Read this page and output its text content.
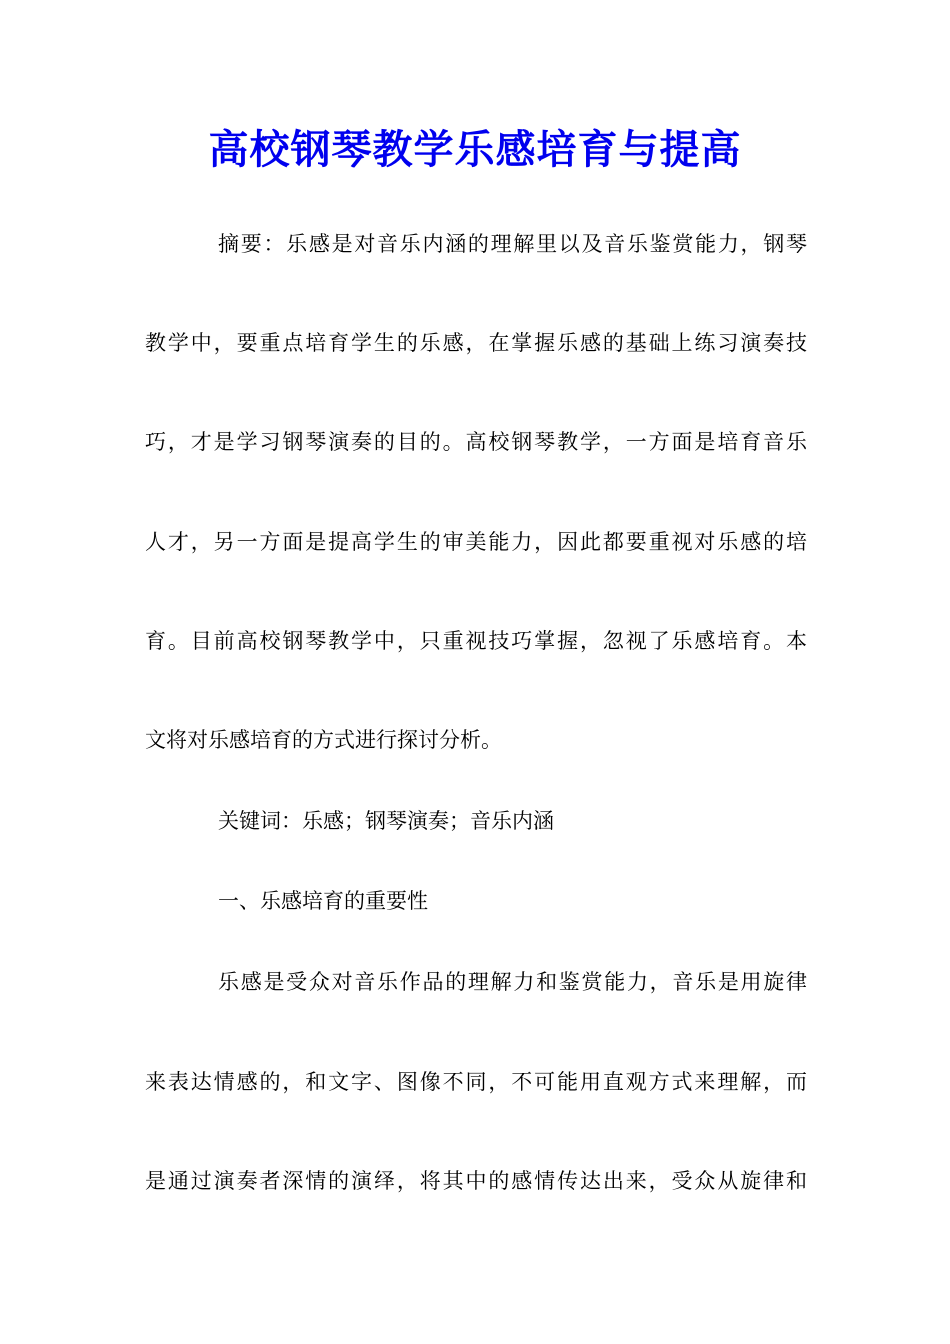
高校钢琴教学乐感培育与提高
摘要：乐感是对音乐内涵的理解里以及音乐鉴赏能力，钢琴
教学中，要重点培育学生的乐感，在掌握乐感的基础上练习演奏技
巧，才是学习钢琴演奏的目的。高校钢琴教学，一方面是培育音乐
人才，另一方面是提高学生的审美能力，因此都要重视对乐感的培
育。目前高校钢琴教学中，只重视技巧掌握，忽视了乐感培育。本
文将对乐感培育的方式进行探讨分析。
关键词：乐感；钢琴演奏；音乐内涵
一、乐感培育的重要性
乐感是受众对音乐作品的理解力和鉴赏能力，音乐是用旋律
来表达情感的，和文字、图像不同，不可能用直观方式来理解，而
是通过演奏者深情的演绎，将其中的感情传达出来，受众从旋律和
